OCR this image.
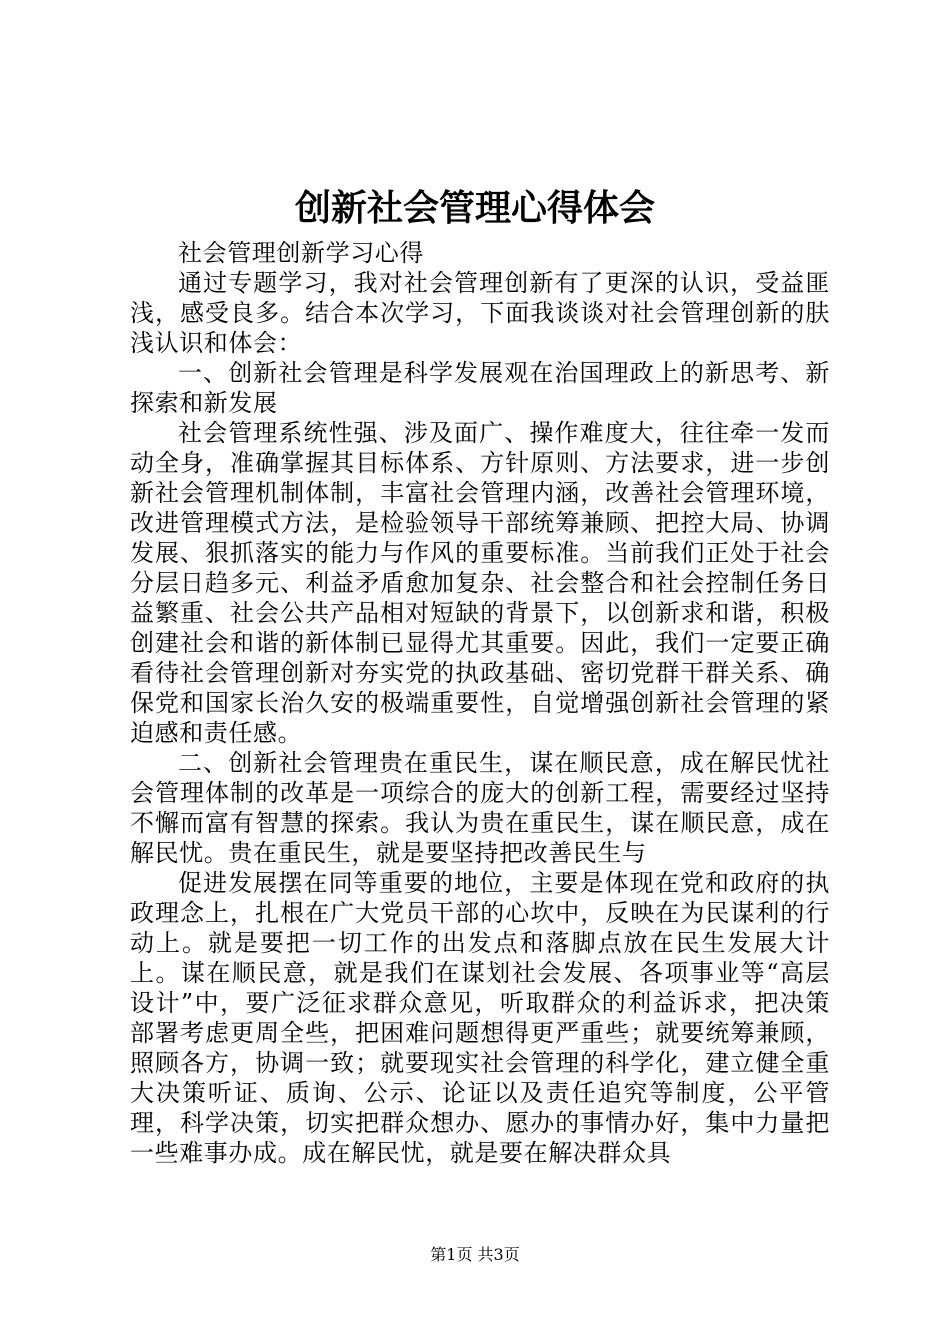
创新社会管理心得体会

社会管理创新学习心得

通过专题学习，我对社会管理创新有了更深的认识，受益匪浅，感受良多。结合本次学习，下面我谈谈对社会管理创新的肤浅认识和体会：

一、创新社会管理是科学发展观在治国理政上的新思考、新探索和新发展

社会管理系统性强、涉及面广、操作难度大，往往牵一发而动全身，准确掌握其目标体系、方针原则、方法要求，进一步创新社会管理机制体制，丰富社会管理内涵，改善社会管理环境，改进管理模式方法，是检验领导干部统筹兼顾、把控大局、协调发展、狠抓落实的能力与作风的重要标准。当前我们正处于社会分层日趋多元、利益矛盾愈加复杂、社会整合和社会控制任务日益繁重、社会公共产品相对短缺的背景下，以创新求和谐，积极创建社会和谐的新体制已显得尤其重要。因此，我们一定要正确看待社会管理创新对夯实党的执政基础、密切党群干群关系、确保党和国家长治久安的极端重要性，自觉增强创新社会管理的紧迫感和责任感。

二、创新社会管理贵在重民生，谋在顺民意，成在解民忧社会管理体制的改革是一项综合的庞大的创新工程，需要经过坚持不懈而富有智慧的探索。我认为贵在重民生，谋在顺民意，成在解民忧。贵在重民生，就是要坚持把改善民生与

促进发展摆在同等重要的地位，主要是体现在党和政府的执政理念上，扎根在广大党员干部的心坎中，反映在为民谋利的行动上。就是要把一切工作的出发点和落脚点放在民生发展大计上。谋在顺民意，就是我们在谋划社会发展、各项事业等“高层设计”中，要广泛征求群众意见，听取群众的利益诉求，把决策部署考虑更周全些，把困难问题想得更严重些；就要统筹兼顾，照顾各方，协调一致；就要现实社会管理的科学化，建立健全重大决策听证、质询、公示、论证以及责任追究等制度，公平管理，科学决策，切实把群众想办、愿办的事情办好，集中力量把一些难事办成。成在解民忧，就是要在解决群众具

第1页 共3页
